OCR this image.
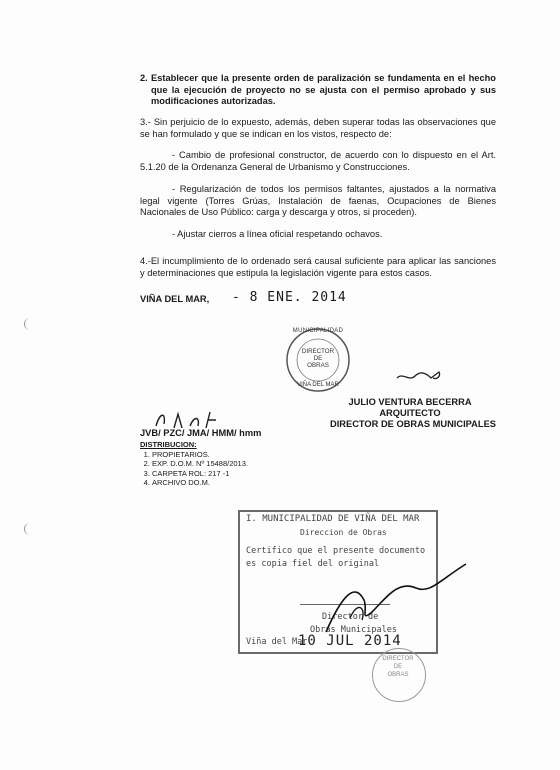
2. Establecer que la presente orden de paralización se fundamenta en el hecho que la ejecución de proyecto no se ajusta con el permiso aprobado y sus modificaciones autorizadas.
3.- Sin perjuicio de lo expuesto, además, deben superar todas las observaciones que se han formulado y que se indican en los vistos, respecto de:
- Cambio de profesional constructor, de acuerdo con lo dispuesto en el Art. 5.1.20 de la Ordenanza General de Urbanismo y Construcciones.
- Regularización de todos los permisos faltantes, ajustados a la normativa legal vigente (Torres Grúas, Instalación de faenas, Ocupaciones de Bienes Nacionales de Uso Público: carga y descarga y otros, si proceden).
- Ajustar cierros a línea oficial respetando ochavos.
4.-El incumplimiento de lo ordenado será causal suficiente para aplicar las sanciones y determinaciones que estipula la legislación vigente para estos casos.
VIÑA DEL MAR, - 8 ENE. 2014
MUNICIPALIDAD
DIRECTOR
DE
OBRAS
VIÑA DEL MAR
JULIO VENTURA BECERRA
ARQUITECTO
DIRECTOR DE OBRAS MUNICIPALES
JVB/ PZC/ JMA/ HMM/ hmm
DISTRIBUCION:
1. PROPIETARIOS.
2. EXP. D.O.M. Nº 15488/2013.
3. CARPETA ROL: 217 -1
4. ARCHIVO DO.M.
I. MUNICIPALIDAD DE VIÑA DEL MAR
Direccion de Obras
Certifico que el presente documento
es copia fiel del original
Director de
Obras Municipales
Viña del Mar
10 JUL 2014
DIRECTOR
DE
OBRAS
